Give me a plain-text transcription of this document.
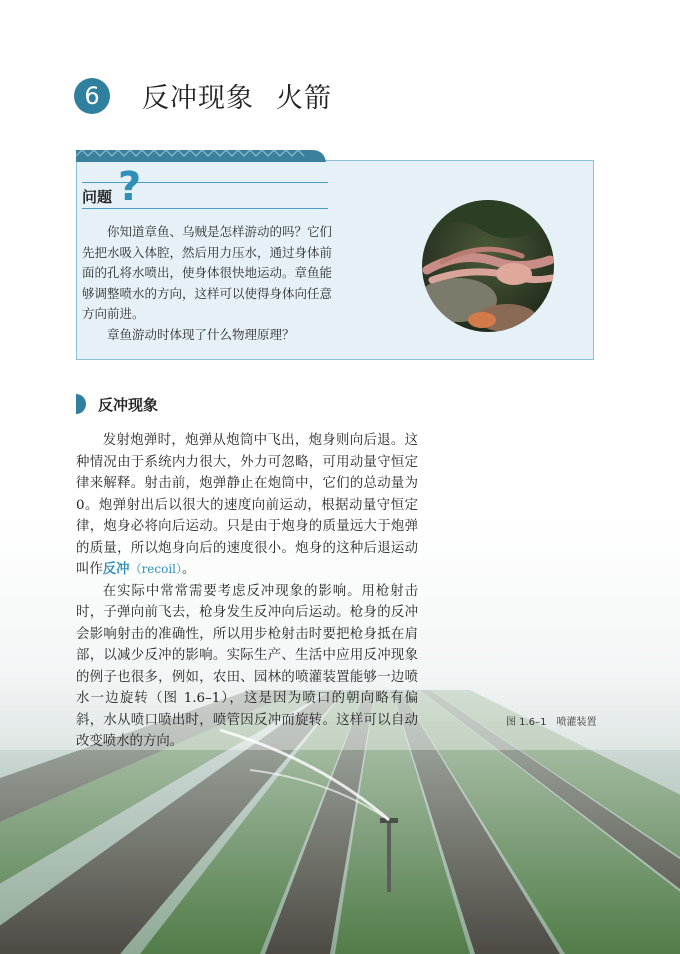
6	反冲现象 火箭
问题 ?

你知道章鱼、乌贼是怎样游动的吗？它们先把水吸入体腔，然后用力压水，通过身体前面的孔将水喷出，使身体很快地运动。章鱼能够调整喷水的方向，这样可以使得身体向任意方向前进。

章鱼游动时体现了什么物理原理？

反冲现象

发射炮弹时，炮弹从炮筒中飞出，炮身则向后退。这种情况由于系统内力很大，外力可忽略，可用动量守恒定律来解释。射击前，炮弹静止在炮筒中，它们的总动量为0。炮弹射出后以很大的速度向前运动，根据动量守恒定律，炮身必将向后运动。只是由于炮身的质量远大于炮弹的质量，所以炮身向后的速度很小。炮身的这种后退运动叫作反冲（recoil）。

在实际中常常需要考虑反冲现象的影响。用枪射击时，子弹向前飞去，枪身发生反冲向后运动。枪身的反冲会影响射击的准确性，所以用步枪射击时要把枪身抵在肩部，以减少反冲的影响。实际生产、生活中应用反冲现象的例子也很多，例如，农田、园林的喷灌装置能够一边喷水一边旋转（图 1.6–1），这是因为喷口的朝向略有偏斜，水从喷口喷出时，喷管因反冲而旋转。这样可以自动改变喷水的方向。

图 1.6–1　喷灌装置
